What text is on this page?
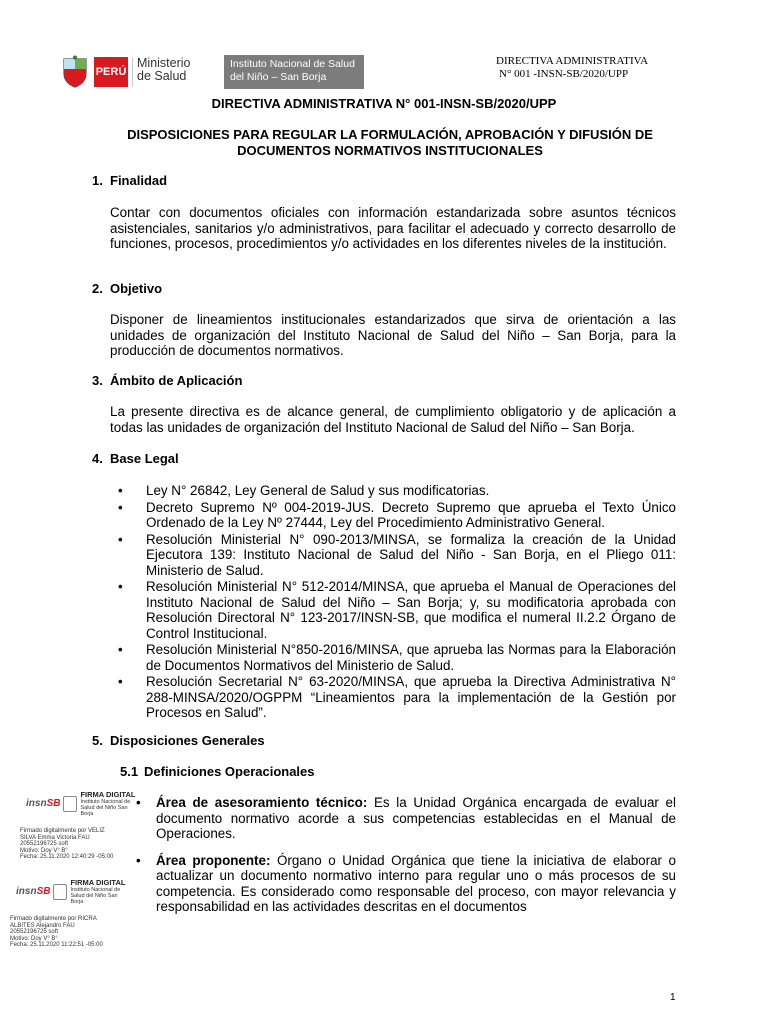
PERÚ
Ministerio
de Salud
Instituto Nacional de Salud
del Niño – San Borja
DIRECTIVA ADMINISTRATIVA
N° 001 -INSN-SB/2020/UPP
DIRECTIVA ADMINISTRATIVA N° 001-INSN-SB/2020/UPP
DISPOSICIONES PARA REGULAR LA FORMULACIÓN, APROBACIÓN Y DIFUSIÓN DE DOCUMENTOS NORMATIVOS INSTITUCIONALES
1. Finalidad
Contar con documentos oficiales con información estandarizada sobre asuntos técnicos asistenciales, sanitarios y/o administrativos, para facilitar el adecuado y correcto desarrollo de funciones, procesos, procedimientos y/o actividades en los diferentes niveles de la institución.
2. Objetivo
Disponer de lineamientos institucionales estandarizados que sirva de orientación a las unidades de organización del Instituto Nacional de Salud del Niño – San Borja, para la producción de documentos normativos.
3. Ámbito de Aplicación
La presente directiva es de alcance general, de cumplimiento obligatorio y de aplicación a todas las unidades de organización del Instituto Nacional de Salud del Niño – San Borja.
4. Base Legal
• Ley N° 26842, Ley General de Salud y sus modificatorias.
• Decreto Supremo Nº 004-2019-JUS. Decreto Supremo que aprueba el Texto Único Ordenado de la Ley Nº 27444, Ley del Procedimiento Administrativo General.
• Resolución Ministerial N° 090-2013/MINSA, se formaliza la creación de la Unidad Ejecutora 139: Instituto Nacional de Salud del Niño - San Borja, en el Pliego 011: Ministerio de Salud.
• Resolución Ministerial N° 512-2014/MINSA, que aprueba el Manual de Operaciones del Instituto Nacional de Salud del Niño – San Borja; y, su modificatoria aprobada con Resolución Directoral N° 123-2017/INSN-SB, que modifica el numeral II.2.2 Órgano de Control Institucional.
• Resolución Ministerial N°850-2016/MINSA, que aprueba las Normas para la Elaboración de Documentos Normativos del Ministerio de Salud.
• Resolución Secretarial N° 63-2020/MINSA, que aprueba la Directiva Administrativa N° 288-MINSA/2020/OGPPM “Lineamientos para la implementación de la Gestión por Procesos en Salud”.
5. Disposiciones Generales
5.1 Definiciones Operacionales
• Área de asesoramiento técnico: Es la Unidad Orgánica encargada de evaluar el documento normativo acorde a sus competencias establecidas en el Manual de Operaciones.
• Área proponente: Órgano o Unidad Orgánica que tiene la iniciativa de elaborar o actualizar un documento normativo interno para regular uno o más procesos de su competencia. Es considerado como responsable del proceso, con mayor relevancia y responsabilidad en las actividades descritas en el documentos
insnSB
FIRMA DIGITAL
Instituto Nacional de
Salud del Niño San
Borja
Firmado digitalmente por VELIZ
SILVA Emma Victoria FAU
20552196725 soft
Motivo: Doy V° B°
Fecha: 25.11.2020 12:40:29 -05:00
insnSB
FIRMA DIGITAL
Instituto Nacional de
Salud del Niño San
Borja
Firmado digitalmente por RICRA
ALBITES Alejandro FAU
20552196725 soft
Motivo: Doy V° B°
Fecha: 25.11.2020 11:22:51 -05:00
1
